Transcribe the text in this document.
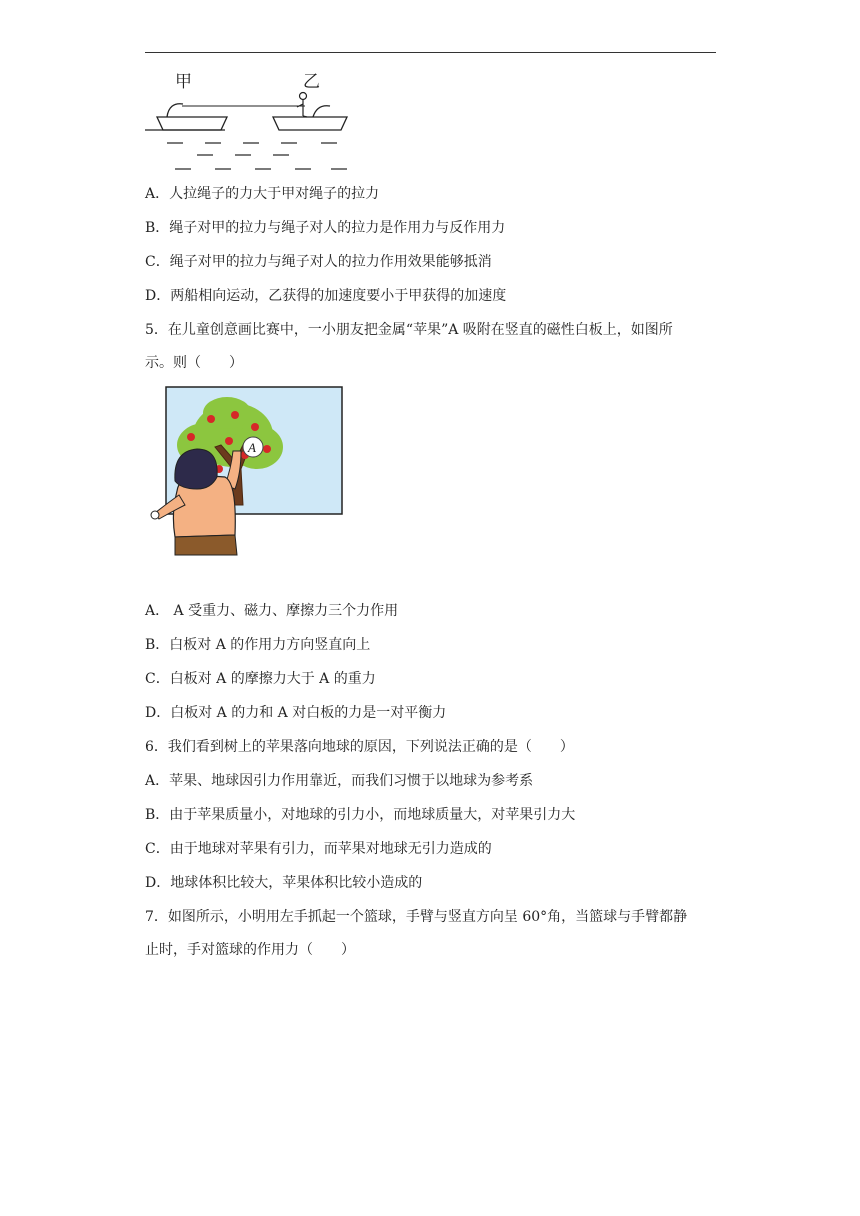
甲	乙
A．人拉绳子的力大于甲对绳子的拉力
B．绳子对甲的拉力与绳子对人的拉力是作用力与反作用力
C．绳子对甲的拉力与绳子对人的拉力作用效果能够抵消
D．两船相向运动，乙获得的加速度要小于甲获得的加速度
5．在儿童创意画比赛中，一小朋友把金属“苹果”A 吸附在竖直的磁性白板上，如图所
示。则（　　）
A
A． A 受重力、磁力、摩擦力三个力作用
B．白板对 A 的作用力方向竖直向上
C．白板对 A 的摩擦力大于 A 的重力
D．白板对 A 的力和 A 对白板的力是一对平衡力
6．我们看到树上的苹果落向地球的原因，下列说法正确的是（　　）
A．苹果、地球因引力作用靠近，而我们习惯于以地球为参考系
B．由于苹果质量小，对地球的引力小，而地球质量大，对苹果引力大
C．由于地球对苹果有引力，而苹果对地球无引力造成的
D．地球体积比较大，苹果体积比较小造成的
7．如图所示，小明用左手抓起一个篮球，手臂与竖直方向呈 60°角，当篮球与手臂都静
止时，手对篮球的作用力（　　）
